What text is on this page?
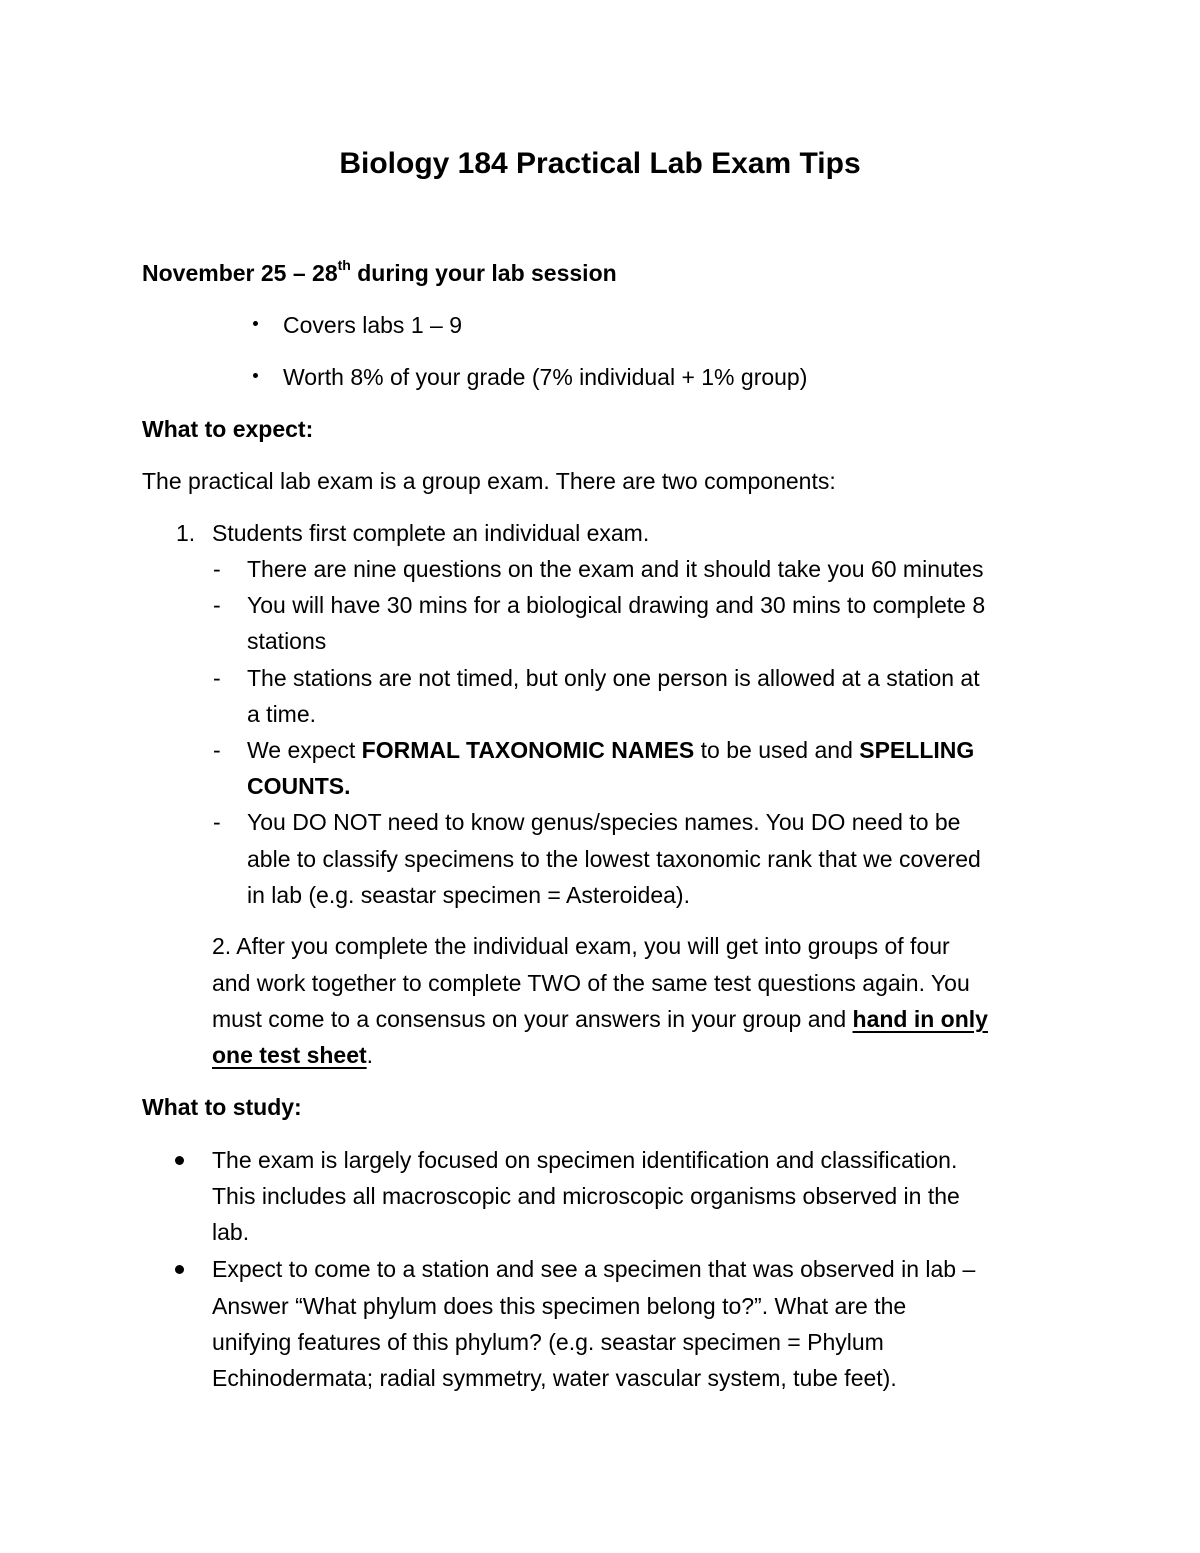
Biology 184 Practical Lab Exam Tips
November 25 – 28th during your lab session
Covers labs 1 – 9
Worth 8% of your grade (7% individual + 1% group)
What to expect:
The practical lab exam is a group exam. There are two components:
1. Students first complete an individual exam.
- There are nine questions on the exam and it should take you 60 minutes
- You will have 30 mins for a biological drawing and 30 mins to complete 8
stations
- The stations are not timed, but only one person is allowed at a station at
a time.
- We expect FORMAL TAXONOMIC NAMES to be used and SPELLING
COUNTS.
- You DO NOT need to know genus/species names. You DO need to be
able to classify specimens to the lowest taxonomic rank that we covered
in lab (e.g. seastar specimen = Asteroidea).
2. After you complete the individual exam, you will get into groups of four
and work together to complete TWO of the same test questions again. You
must come to a consensus on your answers in your group and hand in only
one test sheet.
What to study:
The exam is largely focused on specimen identification and classification.
This includes all macroscopic and microscopic organisms observed in the
lab.
Expect to come to a station and see a specimen that was observed in lab –
Answer “What phylum does this specimen belong to?”. What are the
unifying features of this phylum? (e.g. seastar specimen = Phylum
Echinodermata; radial symmetry, water vascular system, tube feet).
